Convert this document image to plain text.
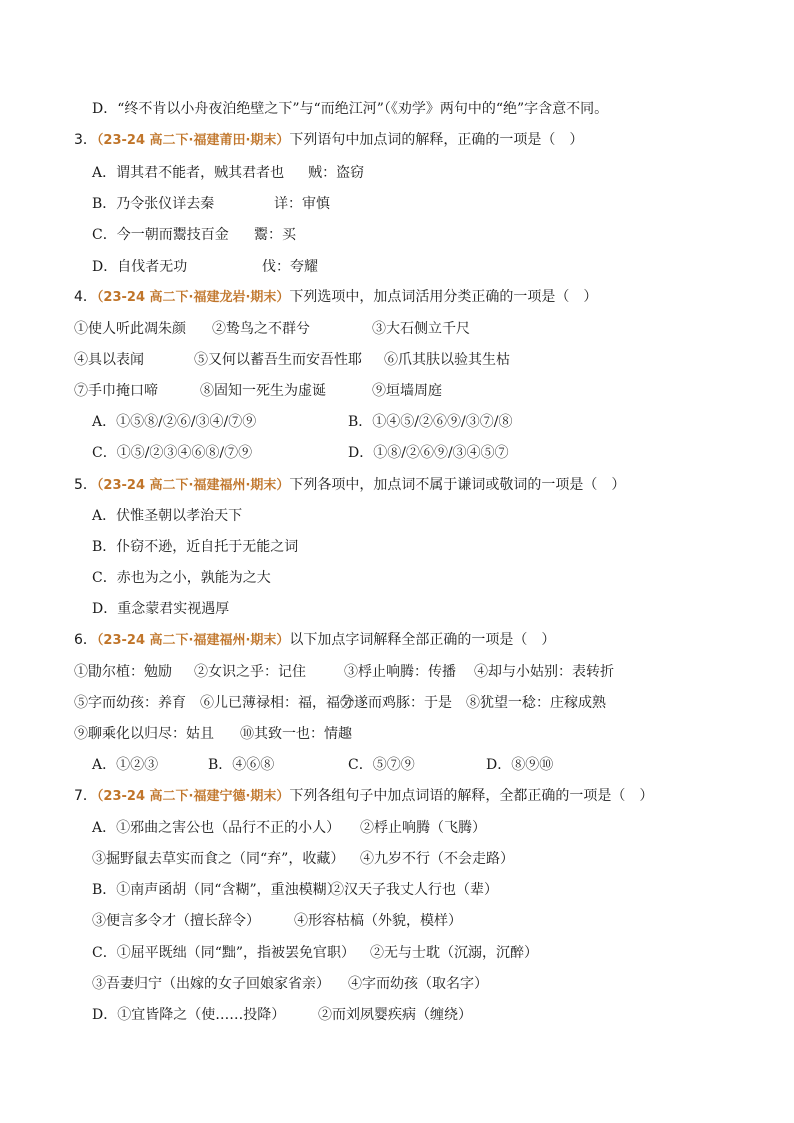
D．“终不肯以小舟夜泊绝壁之下”与“而绝江河”（《劝学》两句中的“绝”字含意不同。
3．（23-24 高二下·福建莆田·期末）下列语句中加点词的解释，正确的一项是（　）
A．谓其君不能者，贼其君者也 贼：盗窃
B．乃令张仪详去秦	详：审慎
C．今一朝而鬻技百金 鬻：买
D．自伐者无功	伐：夸耀
4．（23-24 高二下·福建龙岩·期末）下列选项中，加点词活用分类正确的一项是（　）
①使人听此凋朱颜 ②鸷鸟之不群兮	③大石侧立千尺
④具以表闻	⑤又何以蓄吾生而安吾性耶 ⑥爪其肤以验其生枯
⑦手巾掩口啼	⑧固知一死生为虚诞	⑨垣墙周庭
A．①⑤⑧/②⑥/③④/⑦⑨	B．①④⑤/②⑥⑨/③⑦/⑧
C．①⑤/②③④⑥⑧/⑦⑨	D．①⑧/②⑥⑨/③④⑤⑦
5．（23-24 高二下·福建福州·期末）下列各项中，加点词不属于谦词或敬词的一项是（　）
A．伏惟圣朝以孝治天下
B．仆窃不逊，近自托于无能之词
C．赤也为之小，孰能为之大
D．重念蒙君实视遇厚
6．（23-24 高二下·福建福州·期末）以下加点字词解释全部正确的一项是（　）
①勖尔植：勉励 ②女识之乎：记住	③桴止响腾：传播 ④却与小姑别：表转折
⑤字而幼孩：养育 ⑥儿已薄禄相：福，福分
⑦遂而鸡豚：于是 ⑧犹望一稔：庄稼成熟
⑨聊乘化以归尽：姑且 ⑩其致一也：情趣
A．①②③	B．④⑥⑧	C．⑤⑦⑨	D．⑧⑨⑩
7．（23-24 高二下·福建宁德·期末）下列各组句子中加点词语的解释，全都正确的一项是（　）
A．①邪曲之害公也（品行不正的小人） ②桴止响腾（飞腾）
③掘野鼠去草实而食之（同“弃”，收藏） ④九岁不行（不会走路）
B．①南声函胡（同“含糊”，重浊模糊）
②汉天子我丈人行也（辈）
③便言多令才（擅长辞令） ④形容枯槁（外貌，模样）
C．①屈平既绌（同“黜”，指被罢免官职） ②无与士耽（沉溺，沉醉）
③吾妻归宁（出嫁的女子回娘家省亲） ④字而幼孩（取名字）
D．①宜皆降之（使……投降） ②而刘夙婴疾病（缠绕）
